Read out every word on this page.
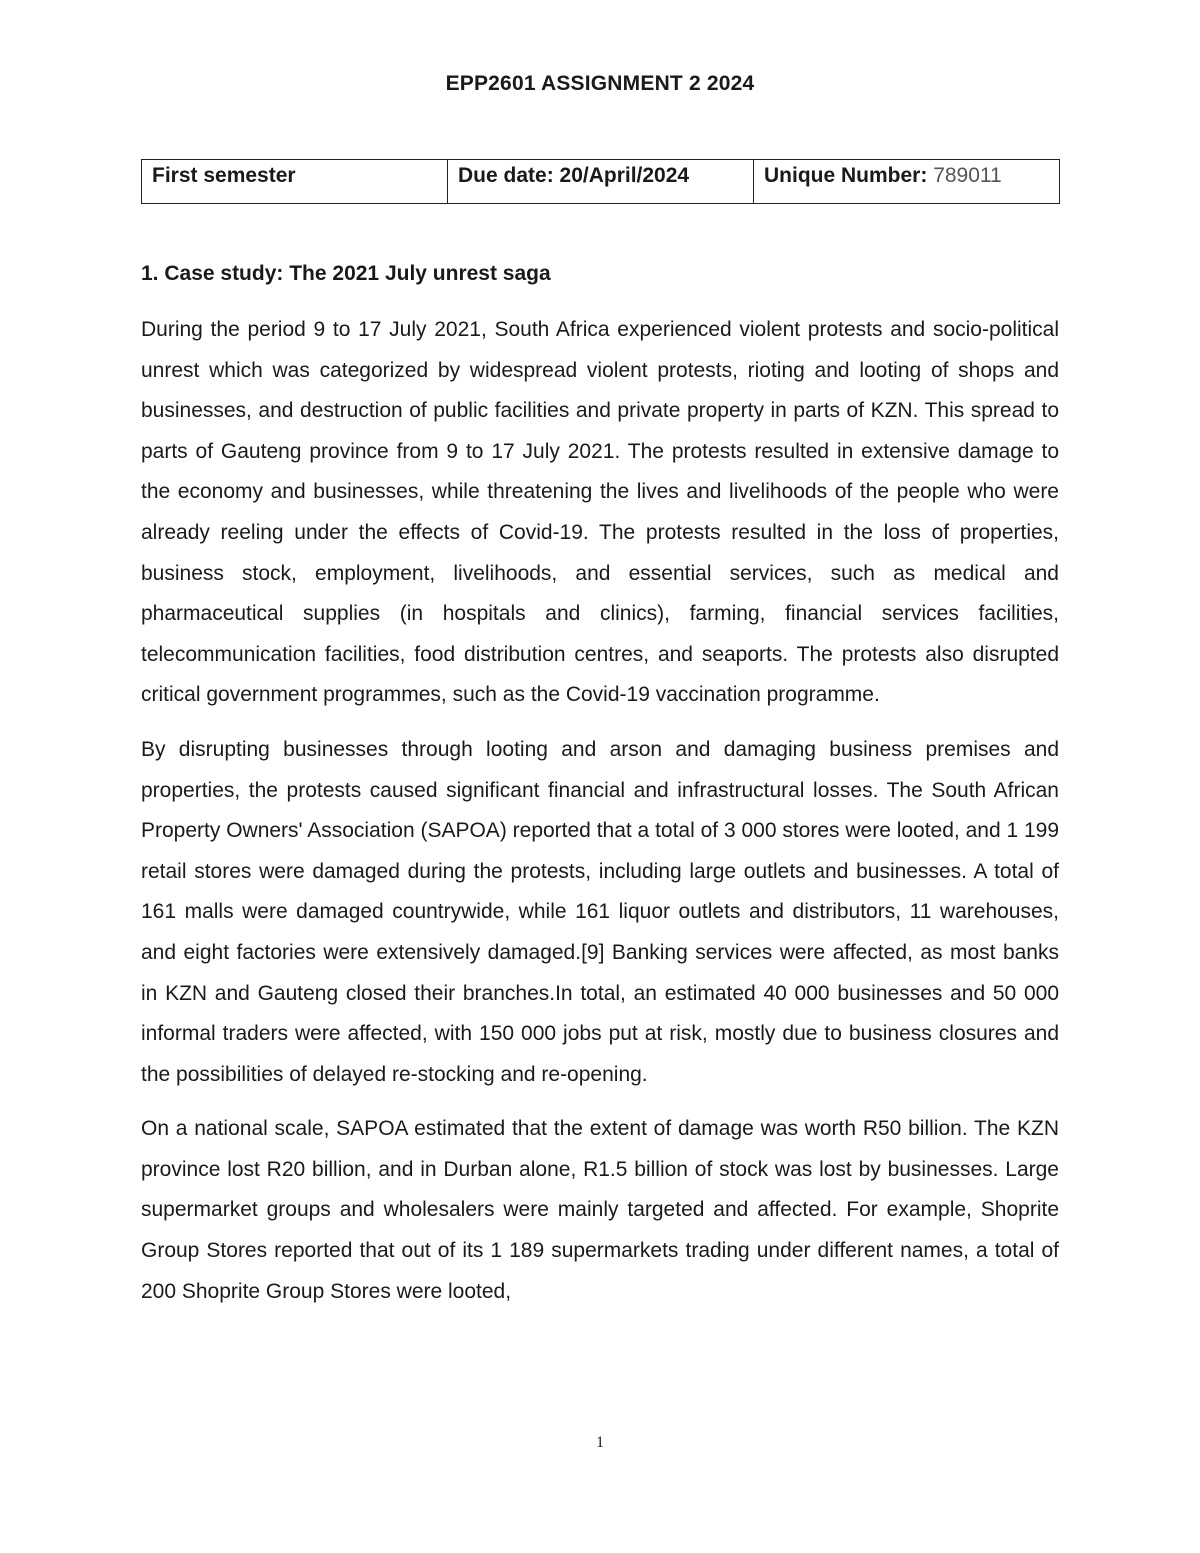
EPP2601 ASSIGNMENT 2 2024
First semester	Due date: 20/April/2024	Unique Number: 789011
1. Case study: The 2021 July unrest saga

During the period 9 to 17 July 2021, South Africa experienced violent protests and socio-political unrest which was categorized by widespread violent protests, rioting and looting of shops and businesses, and destruction of public facilities and private property in parts of KZN. This spread to parts of Gauteng province from 9 to 17 July 2021. The protests resulted in extensive damage to the economy and businesses, while threatening the lives and livelihoods of the people who were already reeling under the effects of Covid-19. The protests resulted in the loss of properties, business stock, employment, livelihoods, and essential services, such as medical and pharmaceutical supplies (in hospitals and clinics), farming, financial services facilities, telecommunication facilities, food distribution centres, and seaports. The protests also disrupted critical government programmes, such as the Covid-19 vaccination programme.

By disrupting businesses through looting and arson and damaging business premises and properties, the protests caused significant financial and infrastructural losses. The South African Property Owners' Association (SAPOA) reported that a total of 3 000 stores were looted, and 1 199 retail stores were damaged during the protests, including large outlets and businesses. A total of 161 malls were damaged countrywide, while 161 liquor outlets and distributors, 11 warehouses, and eight factories were extensively damaged.[9] Banking services were affected, as most banks in KZN and Gauteng closed their branches.In total, an estimated 40 000 businesses and 50 000 informal traders were affected, with 150 000 jobs put at risk, mostly due to business closures and the possibilities of delayed re-stocking and re-opening.

On a national scale, SAPOA estimated that the extent of damage was worth R50 billion. The KZN province lost R20 billion, and in Durban alone, R1.5 billion of stock was lost by businesses. Large supermarket groups and wholesalers were mainly targeted and affected. For example, Shoprite Group Stores reported that out of its 1 189 supermarkets trading under different names, a total of 200 Shoprite Group Stores were looted,

1
